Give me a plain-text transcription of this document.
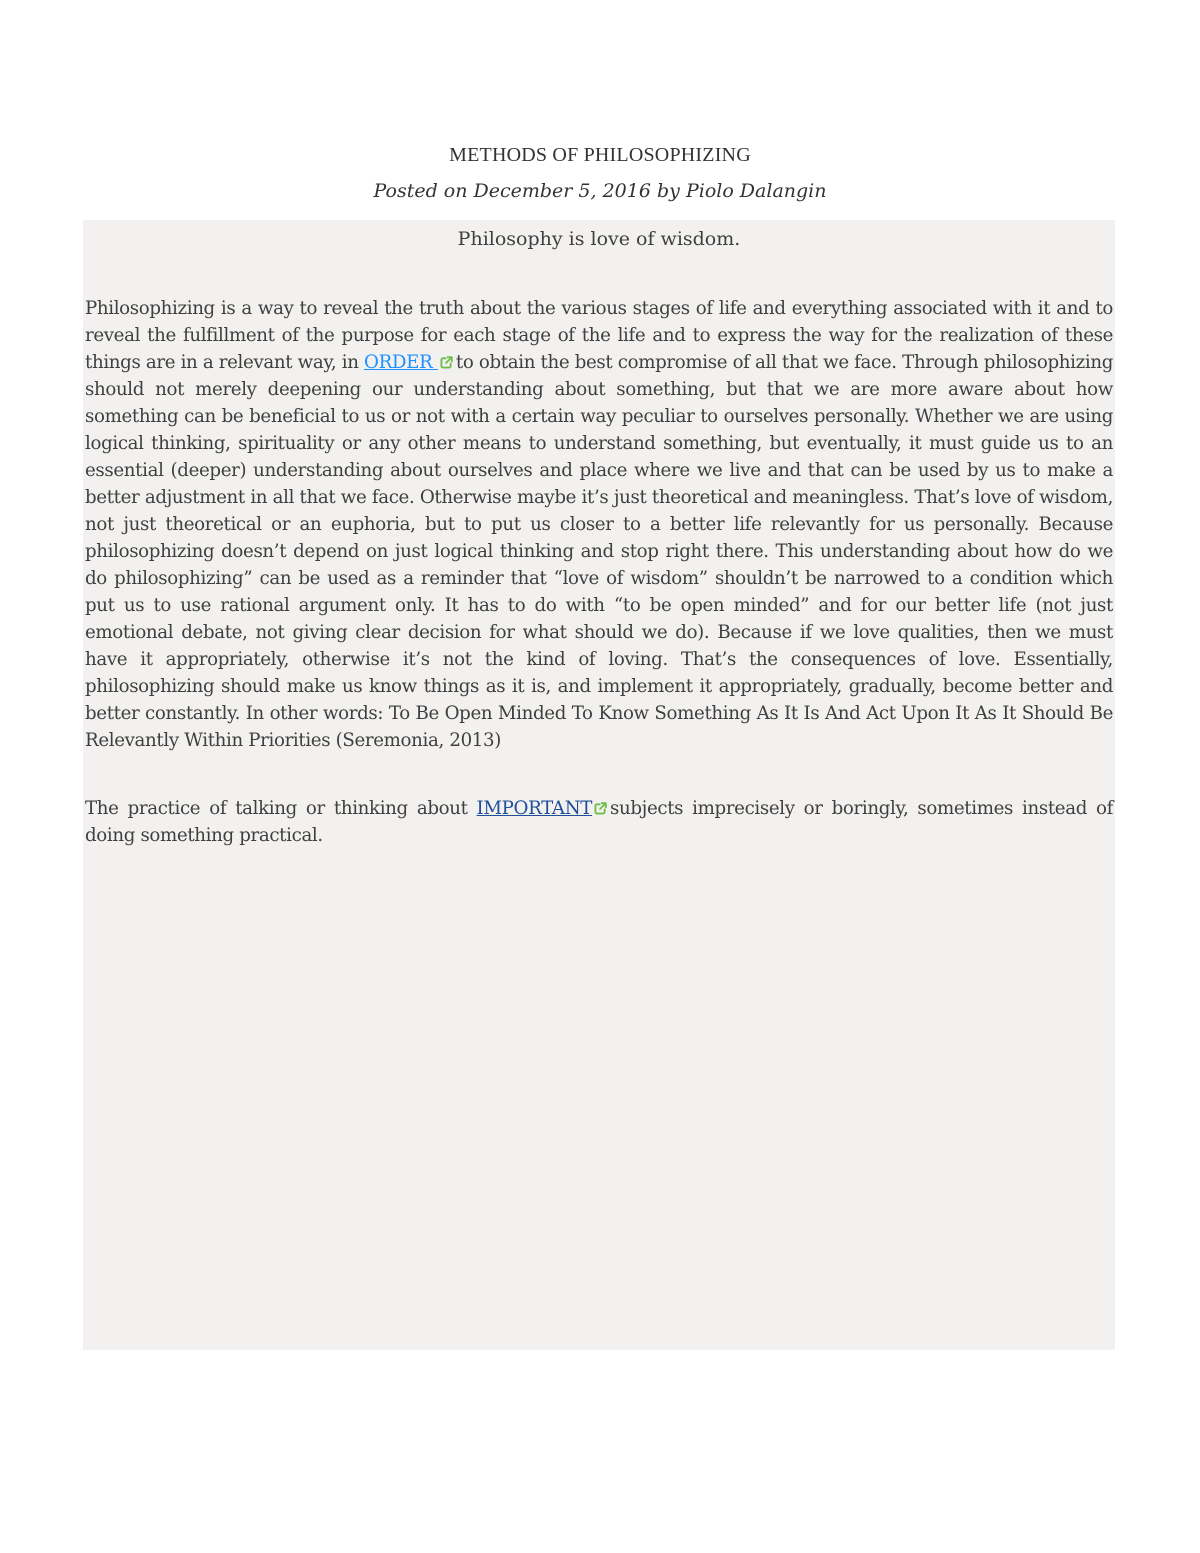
METHODS OF PHILOSOPHIZING
Posted on December 5, 2016 by Piolo Dalangin

Philosophy is love of wisdom.

Philosophizing is a way to reveal the truth about the various stages of life and everything associated with it and to reveal the fulfillment of the purpose for each stage of the life and to express the way for the realization of these things are in a relevant way, in ORDER to obtain the best compromise of all that we face. Through philosophizing should not merely deepening our understanding about something, but that we are more aware about how something can be beneficial to us or not with a certain way peculiar to ourselves personally. Whether we are using logical thinking, spirituality or any other means to understand something, but eventually, it must guide us to an essential (deeper) understanding about ourselves and place where we live and that can be used by us to make a better adjustment in all that we face. Otherwise maybe it’s just theoretical and meaningless. That’s love of wisdom, not just theoretical or an euphoria, but to put us closer to a better life relevantly for us personally. Because philosophizing doesn’t depend on just logical thinking and stop right there. This understanding about how do we do philosophizing” can be used as a reminder that “love of wisdom” shouldn’t be narrowed to a condition which put us to use rational argument only. It has to do with “to be open minded” and for our better life (not just emotional debate, not giving clear decision for what should we do). Because if we love qualities, then we must have it appropriately, otherwise it’s not the kind of loving. That’s the consequences of love. Essentially, philosophizing should make us know things as it is, and implement it appropriately, gradually, become better and better constantly. In other words: To Be Open Minded To Know Something As It Is And Act Upon It As It Should Be Relevantly Within Priorities (Seremonia, 2013)

The practice of talking or thinking about IMPORTANT subjects imprecisely or boringly, sometimes instead of doing something practical.
